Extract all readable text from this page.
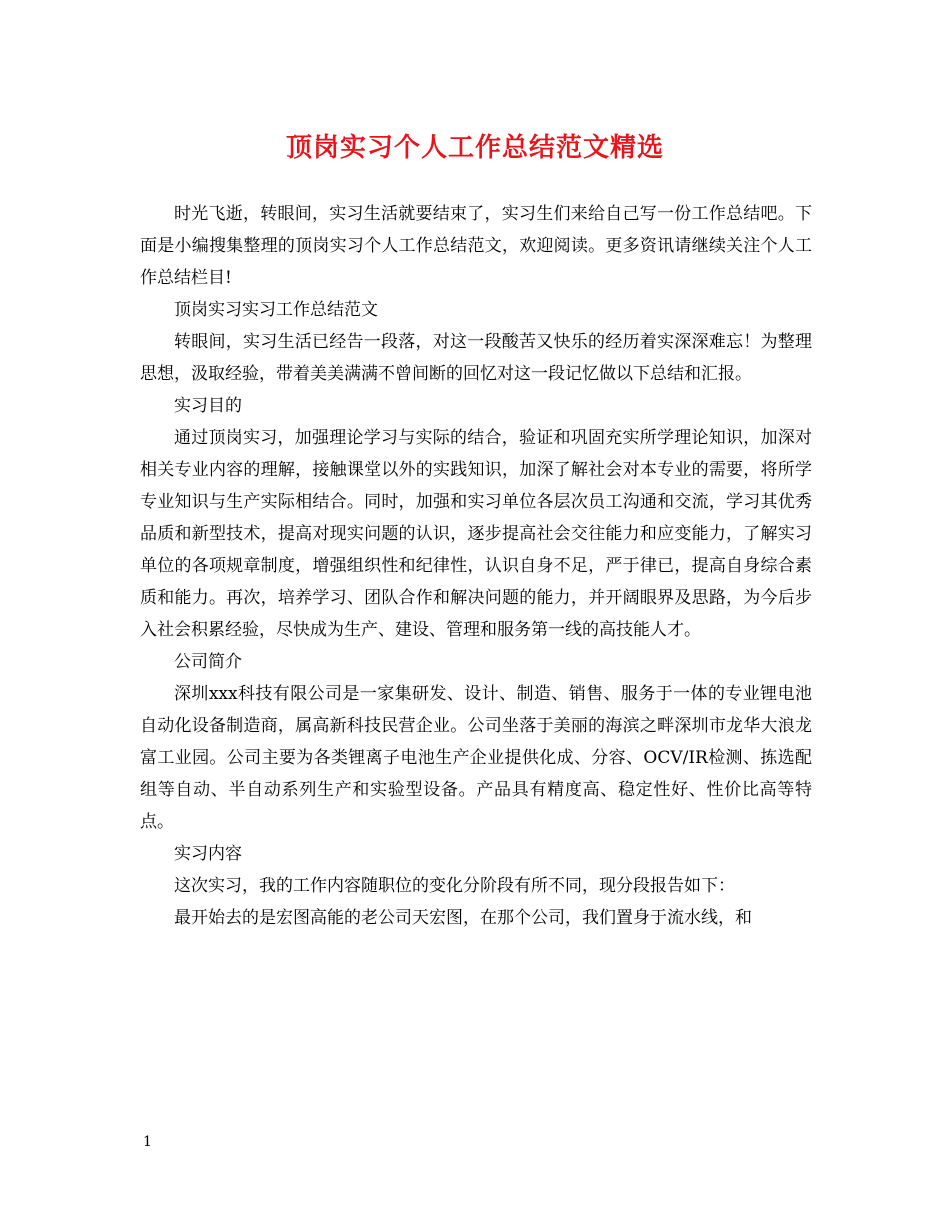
顶岗实习个人工作总结范文精选

时光飞逝，转眼间，实习生活就要结束了，实习生们来给自己写一份工作总结吧。下面是小编搜集整理的顶岗实习个人工作总结范文，欢迎阅读。更多资讯请继续关注个人工作总结栏目!

顶岗实习实习工作总结范文

转眼间，实习生活已经告一段落，对这一段酸苦又快乐的经历着实深深难忘！为整理思想，汲取经验，带着美美满满不曾间断的回忆对这一段记忆做以下总结和汇报。

实习目的

通过顶岗实习，加强理论学习与实际的结合，验证和巩固充实所学理论知识，加深对相关专业内容的理解，接触课堂以外的实践知识，加深了解社会对本专业的需要，将所学专业知识与生产实际相结合。同时，加强和实习单位各层次员工沟通和交流，学习其优秀品质和新型技术，提高对现实问题的认识，逐步提高社会交往能力和应变能力，了解实习单位的各项规章制度，增强组织性和纪律性，认识自身不足，严于律已，提高自身综合素质和能力。再次，培养学习、团队合作和解决问题的能力，并开阔眼界及思路，为今后步入社会积累经验，尽快成为生产、建设、管理和服务第一线的高技能人才。

公司简介

深圳xxx科技有限公司是一家集研发、设计、制造、销售、服务于一体的专业锂电池自动化设备制造商，属高新科技民营企业。公司坐落于美丽的海滨之畔深圳市龙华大浪龙富工业园。公司主要为各类锂离子电池生产企业提供化成、分容、OCV/IR检测、拣选配组等自动、半自动系列生产和实验型设备。产品具有精度高、稳定性好、性价比高等特点。

实习内容

这次实习，我的工作内容随职位的变化分阶段有所不同，现分段报告如下：

最开始去的是宏图高能的老公司天宏图，在那个公司，我们置身于流水线，和

1
